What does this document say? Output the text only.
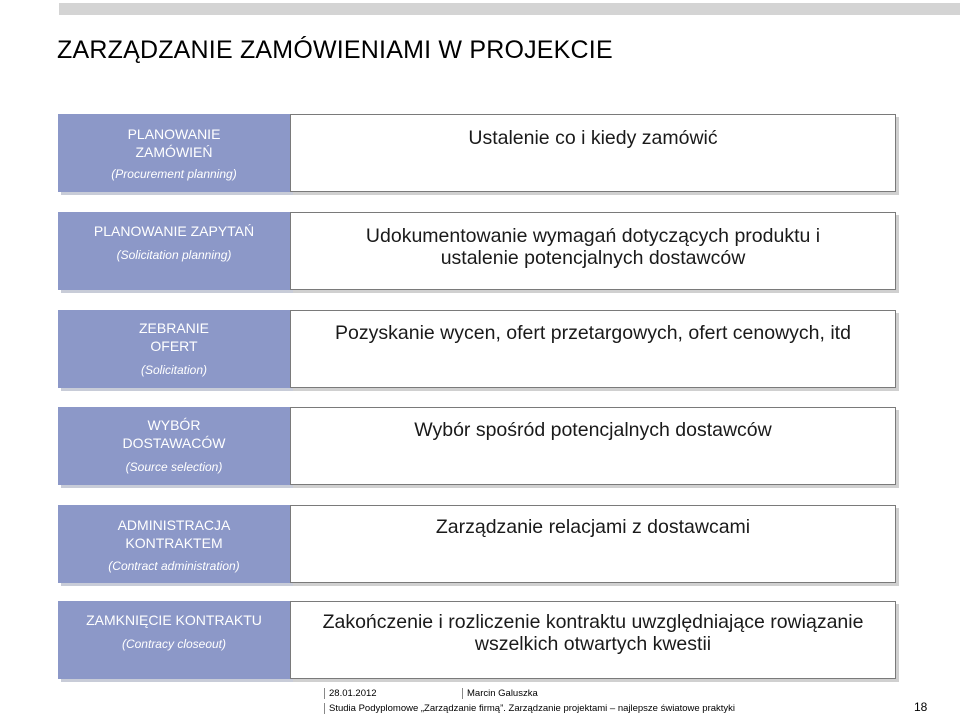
ZARZĄDZANIE ZAMÓWIENIAMI W PROJEKCIE
PLANOWANIE
ZAMÓWIEŃ
(Procurement planning)
Ustalenie co i kiedy zamówić
PLANOWANIE ZAPYTAŃ
(Solicitation planning)
Udokumentowanie wymagań dotyczących produktu i
ustalenie potencjalnych dostawców
ZEBRANIE
OFERT
(Solicitation)
Pozyskanie wycen, ofert przetargowych, ofert cenowych, itd
WYBÓR
DOSTAWACÓW
(Source selection)
Wybór spośród potencjalnych dostawców
ADMINISTRACJA
KONTRAKTEM
(Contract administration)
Zarządzanie relacjami z dostawcami
ZAMKNIĘCIE KONTRAKTU
(Contracy closeout)
Zakończenie i rozliczenie kontraktu uwzględniające rowiązanie
wszelkich otwartych kwestii
28.01.2012	Marcin Galuszka
Studia Podyplomowe „Zarządzanie firmą”. Zarządzanie projektami – najlepsze światowe praktyki	18
